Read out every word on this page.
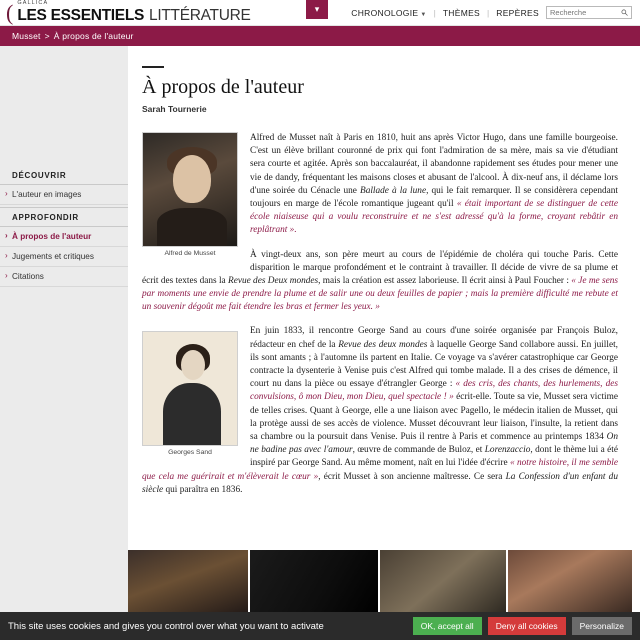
( GALLICA
LES ESSENTIELS LITTÉRATURE	▾	CHRONOLOGIE ▼ | THÈMES | REPÈRES
Recherche
Musset > À propos de l'auteur
DÉCOUVRIR
› L'auteur en images
APPROFONDIR
› À propos de l'auteur
› Jugements et critiques
› Citations
À propos de l'auteur
Sarah Tournerie
Alfred de Musset

Alfred de Musset naît à Paris en 1810, huit ans après Victor Hugo, dans une famille bourgeoise. C'est un élève brillant couronné de prix qui font l'admiration de sa mère, mais sa vie d'étudiant sera courte et agitée. Après son baccalauréat, il abandonne rapidement ses études pour mener une vie de dandy, fréquentant les maisons closes et abusant de l'alcool. À dix-neuf ans, il déclame lors d'une soirée du Cénacle une Ballade à la lune, qui le fait remarquer. Il se considèrera cependant toujours en marge de l'école romantique jugeant qu'il « était important de se distinguer de cette école niaiseuse qui a voulu reconstruire et ne s'est adressé qu'à la forme, croyant rebâtir en replâtrant ».

À vingt-deux ans, son père meurt au cours de l'épidémie de choléra qui touche Paris. Cette disparition le marque profondément et le contraint à travailler. Il décide de vivre de sa plume et écrit des textes dans la Revue des Deux mondes, mais la création est assez laborieuse. Il écrit ainsi à Paul Foucher : « Je me sens par moments une envie de prendre la plume et de salir une ou deux feuilles de papier ; mais la première difficulté me rebute et un souvenir dégoût me fait étendre les bras et fermer les yeux. »

Georges Sand

En juin 1833, il rencontre George Sand au cours d'une soirée organisée par François Buloz, rédacteur en chef de la Revue des deux mondes à laquelle George Sand collabore aussi. En juillet, ils sont amants ; à l'automne ils partent en Italie. Ce voyage va s'avérer catastrophique car George contracte la dysenterie à Venise puis c'est Alfred qui tombe malade. Il a des crises de démence, il court nu dans la pièce ou essaye d'étrangler George : « des cris, des chants, des hurlements, des convulsions, ô mon Dieu, mon Dieu, quel spectacle ! » écrit-elle. Toute sa vie, Musset sera victime de telles crises. Quant à George, elle a une liaison avec Pagello, le médecin italien de Musset, qui la protège aussi de ses accès de violence. Musset découvrant leur liaison, l'insulte, la retient dans sa chambre ou la poursuit dans Venise. Puis il rentre à Paris et commence au printemps 1834 On ne badine pas avec l'amour, œuvre de commande de Buloz, et Lorenzaccio, dont le thème lui a été inspiré par George Sand. Au même moment, naît en lui l'idée d'écrire « notre histoire, il me semble que cela me guérirait et m'élèverait le cœur », écrit Musset à son ancienne maîtresse. Ce sera La Confession d'un enfant du siècle qui paraîtra en 1836.

This site uses cookies and gives you control over what you want to activate	OK, accept all	Deny all cookies	Personalize
